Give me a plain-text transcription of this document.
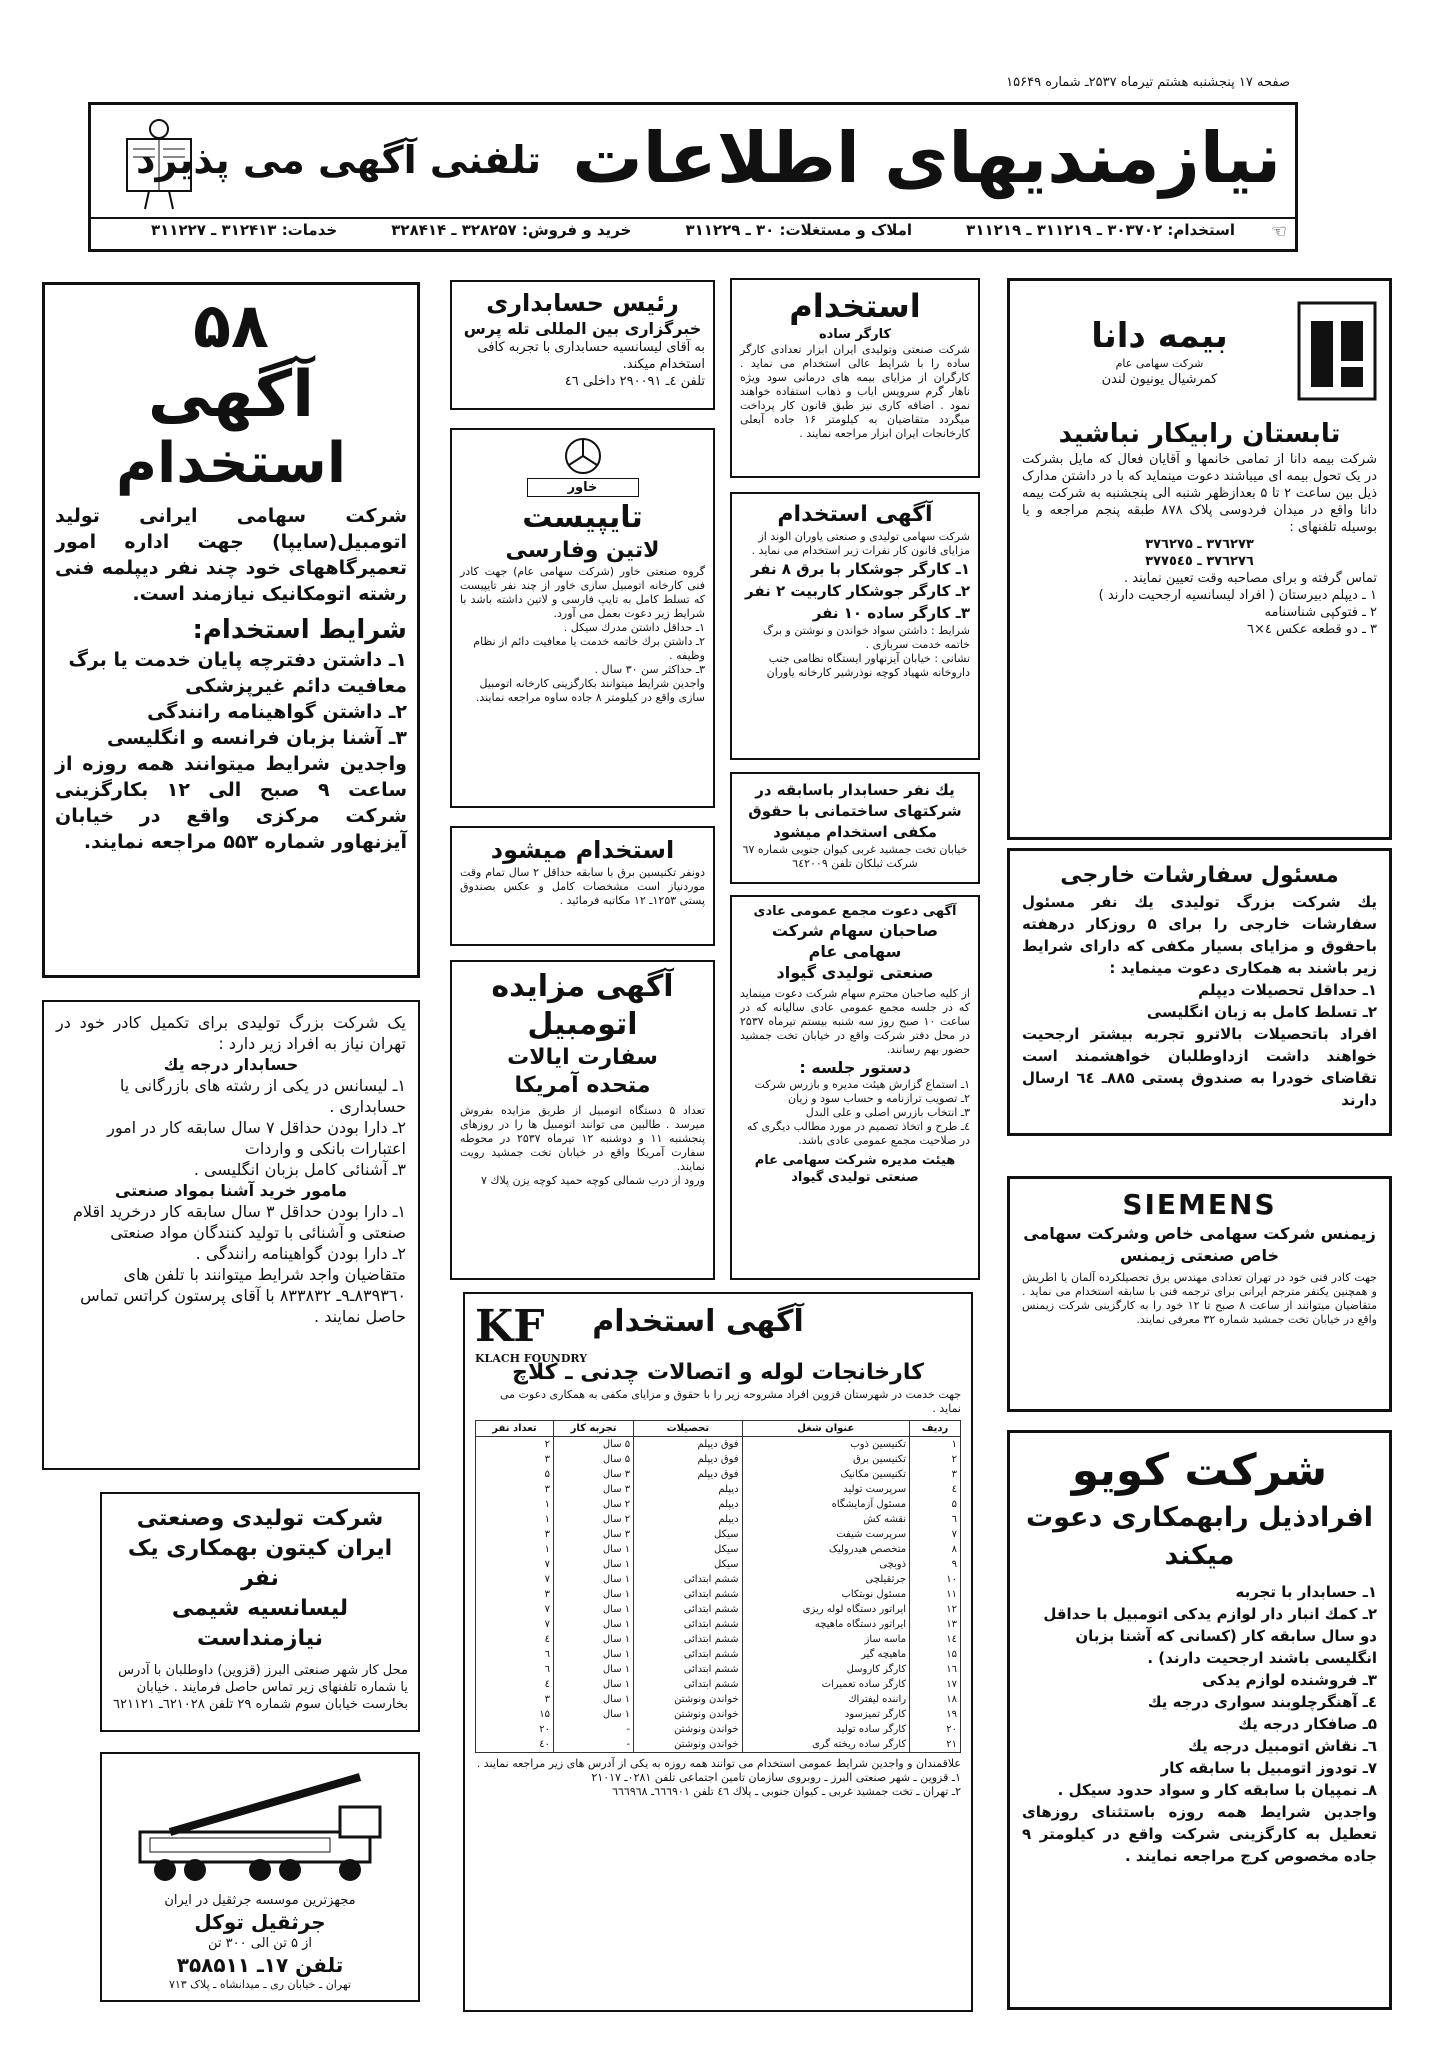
صفحه ۱۷ پنجشنبه هشتم تیرماه ۲۵۳۷ـ شماره ۱۵۶۴۹
نیازمندیهای اطلاعات
تلفنی آگهی می پذیرد
استخدام: ۳۰۳۷۰۲ ـ ۳۱۱۲۱۹ ـ ۳۱۱۲۱۹
املاک و مستغلات: ۳۰ ـ ۳۱۱۲۲۹
خرید و فروش: ۳۲۸۲۵۷ ـ ۳۲۸۴۱۴
خدمات: ۳۱۲۴۱۳ ـ ۳۱۱۲۲۷	☜
۵۸
آگهی
استخدام
شرکت سهامی ایرانی تولید اتومبیل(سایپا) جهت اداره امور تعمیرگاههای خود چند نفر دیپلمه فنی رشته اتومکانیک نیازمند است.
شرایط استخدام:
۱ـ داشتن دفترچه پایان خدمت یا برگ معافیت دائم غیرپزشکی
۲ـ داشتن گواهینامه رانندگی
۳ـ آشنا بزبان فرانسه و انگلیسی
واجدین شرایط میتوانند همه روزه از ساعت ۹ صبح الی ۱۲ بکارگزینی شرکت مرکزی واقع در خیابان آیزنهاور شماره ۵۵۳ مراجعه نمایند.
یک شرکت بزرگ تولیدی برای تکمیل کادر خود در تهران نیاز به افراد زیر دارد :
حسابدار درجه یك
۱ـ لیسانس در یکی از رشته های بازرگانی یا حسابداری .
۲ـ دارا بودن حداقل ۷ سال سابقه کار در امور اعتبارات بانکی و واردات
۳ـ آشنائی کامل بزبان انگلیسی .
مامور خرید آشنا بمواد صنعتی
۱ـ دارا بودن حداقل ۳ سال سابقه کار درخرید اقلام صنعتی و آشنائی با تولید کنندگان مواد صنعتی
۲ـ دارا بودن گواهینامه رانندگی .
متقاضیان واجد شرایط میتوانند با تلفن های ۸۳۹۳٦۰ـ۹ـ ۸۳۳۸۳۲ با آقای پرستون کراتس تماس حاصل نمایند .
شرکت تولیدی وصنعتی
ایران کیتون بهمکاری یک نفر
لیسانسیه شیمی نیازمنداست
محل کار شهر صنعتی البرز (قزوین) داوطلبان با آدرس یا شماره تلفنهای زیر تماس حاصل فرمایند . خیابان بخارست خیابان سوم شماره ٢٩ تلفن ٦٢١٠٢٨ـ ٦٢١١٢١
مجهزترین موسسه جرثقیل در ایران
جرثقیل توکل
از ۵ تن الی ۳۰۰ تن
تلفن ۱۷ـ ۳۵۸۵۱۱
تهران ـ خیابان ری ـ میدانشاه ـ پلاک ٧١٣
رئیس حسابداری
خبرگزاری بین المللی تله پرس
به آقای لیسانسیه حسابداری با تجربه کافی استخدام میکند.
تلفن ٤ـ ۲۹۰۰۹۱ داخلی ٤٦
خاور
تایپیست
لاتین وفارسی
گروه صنعتی خاور (شرکت سهامی عام) جهت کادر فنی کارخانه اتومبیل سازی خاور از چند نفر تایپیست که تسلط کامل به تایپ فارسی و لاتین داشته باشد با شرایط زیر دعوت بعمل می آورد.
۱ـ حداقل داشتن مدرك سیكل .
۲ـ داشتن برك خاتمه خدمت یا معافیت دائم از نظام وظیفه .
۳ـ حداکثر سن ۳۰ سال .
واجدین شرایط میتوانند بکارگزینی کارخانه اتومبیل سازی واقع در کیلومتر ۸ جاده ساوه مراجعه نمایند.
استخدام میشود
دونفر تکنیسین برق با سابقه حداقل ۲ سال تمام وقت موردنیاز است مشخصات کامل و عکس بصندوق پستی ۱۲۵۳ـ ۱۲ مکاتبه فرمائید .
آگهی مزایده
اتومبیل
سفارت ایالات
متحده آمریکا
تعداد ۵ دستگاه اتومبیل از طریق مزایده بفروش میرسد . طالبین می توانند اتومبیل ها را در روزهای پنجشنبه ۱۱ و دوشنبه ۱۲ تیرماه ۲۵۳۷ در محوطه سفارت آمریکا واقع در خیابان تخت جمشید رویت نمایند.
ورود از درب شمالی کوچه حمید کوچه یزن پلاك ۷
استخدام
کارگر ساده
شرکت صنعتی وتولیدی ایران ابزار تعدادی کارگر ساده را با شرایط عالی استخدام می نماید . کارگران از مزایای بیمه های درمانی سود ویژه ناهار گرم سرویس ایاب و ذهاب استفاده خواهند نمود . اضافه کاری نیز طبق قانون کار پرداخت میگردد متقاضیان به کیلومتر ۱۶ جاده آبعلی کارخانجات ایران ابزار مراجعه نمایند .
آگهی استخدام
شرکت سهامی تولیدی و صنعتی یاوران الوند از مزایای قانون کار نفرات زیر استخدام می نماید .
۱ـ کارگر جوشکار با برق ۸ نفر
۲ـ کارگر جوشکار کاربیت ۲ نفر
۳ـ کارگر ساده ۱۰ نفر
شرایط : داشتن سواد خواندن و نوشتن و برگ خاتمه خدمت سربازی .
نشانی : خیابان آیزنهاور ایستگاه نظامی جنب داروخانه شهیاد کوچه نوذرشیر کارخانه یاوران
یك نفر حسابدار باسابقه در شرکتهای ساختمانی با حقوق مکفی استخدام میشود
خیابان تخت جمشید غربی کیوان جنوبی شماره ٦٧ شرکت ثبلکان تلفن ٦٤٢٠٠٩
آگهی دعوت مجمع عمومی عادی
صاحبان سهام شرکت سهامی عام
صنعتی تولیدی گیواد
از کلیه صاحبان محترم سهام شرکت دعوت مینماید که در جلسه مجمع عمومی عادی سالیانه که در ساعت ۱۰ صبح روز سه شنبه بیستم تیرماه ۲۵۳۷ در محل دفتر شرکت واقع در خیابان تخت جمشید حضور بهم رسانند.
دستور جلسه :
۱ـ استماع گزارش هیئت مدیره و بازرس شرکت
۲ـ تصویب ترازنامه و حساب سود و زیان
۳ـ انتخاب بازرس اصلی و علی البدل
٤ـ طرح و اتخاذ تصمیم در مورد مطالب دیگری که در صلاحیت مجمع عمومی عادی باشد.
هیئت مدیره شرکت سهامی عام
صنعتی تولیدی گیواد
KF
KLACH FOUNDRY
آگهی استخدام
کارخانجات لوله و اتصالات چدنی ـ کلاچ
جهت خدمت در شهرستان قزوین افراد مشروحه زیر را با حقوق و مزایای مکفی به همکاری دعوت می نماید .
ردیف	عنوان شغل	تحصیلات	تجربه کار	تعداد نفر
۱	تکنیسین ذوب	فوق دیپلم	۵ سال	۲
۲	تکنیسین برق	فوق دیپلم	۵ سال	۳
۳	تکنیسین مکانیک	فوق دیپلم	۳ سال	۵
٤	سرپرست تولید	دیپلم	۳ سال	۳
۵	مسئول آزمایشگاه	دیپلم	۲ سال	۱
٦	نقشه کش	دیپلم	۲ سال	۱
۷	سرپرست شیفت	سیکل	۳ سال	۳
۸	متخصص هیدرولیک	سیکل	۱ سال	۱
۹	ذوبچی	سیکل	۱ سال	۷
۱۰	جرثقیلچی	ششم ابتدائی	۱ سال	۷
۱۱	مسئول نوبتکاب	ششم ابتدائی	۱ سال	۳
۱۲	ایراتور دستگاه لوله ریزی	ششم ابتدائی	۱ سال	۷
۱۳	ایراتور دستگاه ماهیچه	ششم ابتدائی	۱ سال	۷
۱٤	ماسه ساز	ششم ابتدائی	۱ سال	٤
۱۵	ماهیچه گیر	ششم ابتدائی	۱ سال	٦
۱٦	کارگر کاروسل	ششم ابتدائی	۱ سال	٦
۱۷	کارگر ساده تعمیرات	ششم ابتدائی	۱ سال	٤
۱۸	راننده لیفتراك	خواندن ونوشتن	۱ سال	۳
۱۹	کارگر تمیزسود	خواندن ونوشتن	۱ سال	۱۵
۲۰	کارگر ساده تولید	خواندن ونوشتن	-	۲۰
۲۱	کارگر ساده ریخته گری	خواندن ونوشتن	-	٤٠
علاقمندان و واجدین شرایط عمومی استخدام می توانند همه روزه به یکی از آدرس های زیر مراجعه نمایند .
۱ـ قزوین ـ شهر صنعتی البرز ـ روبروی سازمان تامین اجتماعی تلفن ۰۲۸۱ـ ۲۱۰۱۷
۲ـ تهران ـ تخت جمشید غربی ـ کیوان جنوبی ـ پلاك ٤٦ تلفن ٦٦٦۹۰۱ـ ٦٦٦۹٦۸
بیمه دانا
شرکت سهامی عام
کمرشیال یونیون لندن
تابستان رابیکار نباشید
شرکت بیمه دانا از تمامی خانمها و آقایان فعال که مایل بشرکت در یک تحول بیمه ای میباشند دعوت مینماید که با در داشتن مدارک ذیل بین ساعت ۲ تا ۵ بعدازظهر شنبه الی پنجشنبه به شرکت بیمه دانا واقع در میدان فردوسی پلاک ۸۷۸ طبقه پنجم مراجعه و یا بوسیله تلفنهای :
۳۷٦۲۷۳ ـ ۳۷٦۲۷۵
۳۷٦۲۷٦ ـ ۳۷۷٥٤٥
تماس گرفته و برای مصاحبه وقت تعیین نمایند .
۱ ـ دیپلم دبیرستان ( افراد لیسانسیه ارجحیت دارند )
۲ ـ فتوکپی شناسنامه
۳ ـ دو قطعه عکس ٤×٦
مسئول سفارشات خارجی
یك شرکت بزرگ تولیدی یك نفر مسئول سفارشات خارجی را برای ۵ روزکار درهفته باحقوق و مزایای بسیار مکفی که دارای شرایط زیر باشند به همکاری دعوت مینماید :
۱ـ حداقل تحصیلات دیپلم
۲ـ تسلط کامل به زبان انگلیسی
افراد باتحصیلات بالاترو تجربه بیشتر ارجحیت خواهند داشت ازداوطلبان خواهشمند است تقاضای خودرا به صندوق پستی ۸۸۵ـ ٦٤ ارسال دارند
SIEMENS
زیمنس شرکت سهامی خاص وشرکت سهامی خاص صنعتی زیمنس
جهت کادر فنی خود در تهران تعدادی مهندس برق تحصیلکرده آلمان یا اطریش و همچنین یکنفر مترجم ایرانی برای ترجمه فنی با سابقه استخدام می نماید . متقاضیان میتوانند از ساعت ۸ صبح تا ۱۲ خود را به کارگزینی شرکت زیمنس واقع در خیابان تخت جمشید شماره ۳۲ معرفی نمایند.
شرکت کویو
افرادذیل رابهمکاری دعوت میکند
۱ـ حسابدار با تجربه
۲ـ کمك انبار دار لوازم یدکی اتومبیل با حداقل دو سال سابقه کار (کسانی که آشنا بزبان انگلیسی باشند ارجحیت دارند) .
۳ـ فروشنده لوازم یدکی
٤ـ آهنگرچلوبند سواری درجه یك
۵ـ صافکار درجه یك
٦ـ نقاش اتومبیل درجه یك
۷ـ تودوز اتومبیل با سابقه کار
۸ـ نمپیان با سابقه کار و سواد حدود سیکل .
واجدین شرایط همه روزه باستثنای روزهای تعطیل به کارگزینی شرکت واقع در کیلومتر ۹ جاده مخصوص کرج مراجعه نمایند .
